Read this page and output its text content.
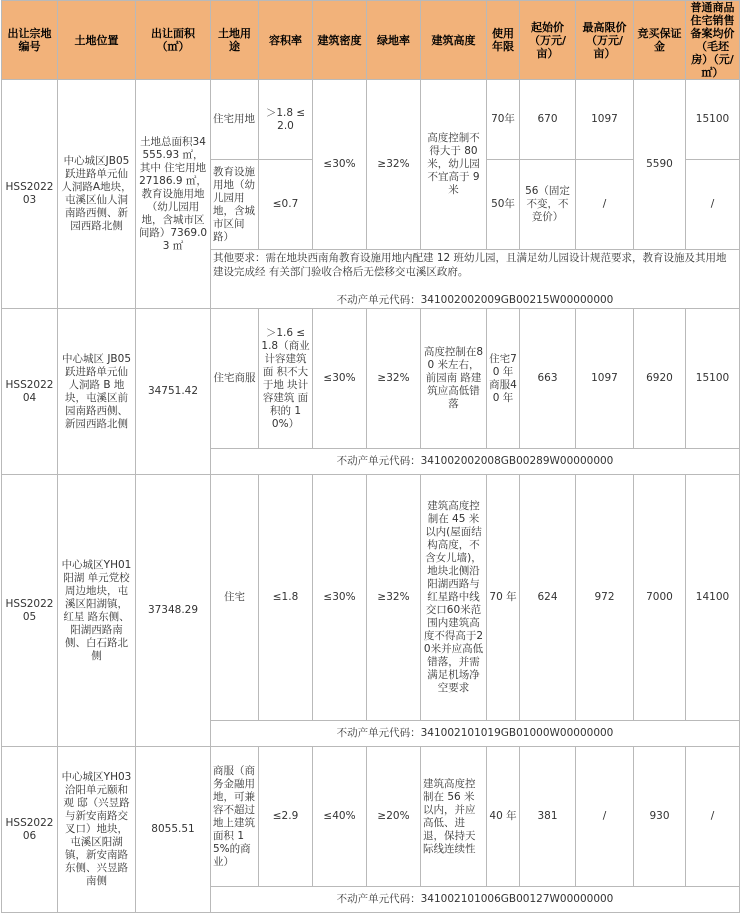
出让宗地编号	土地位置	出让面积（㎡）	土地用途	容积率	建筑密度	绿地率	建筑高度	使用年限	起始价（万元/亩）	最高限价（万元/亩）	竞买保证金	普通商品住宅销售备案均价（毛坯房）（元/㎡）
HSS202203	中心城区JB05跃进路单元仙人洞路A地块，屯溪区仙人洞南路西侧、新园西路北侧	土地总面积34555.93 ㎡，其中 住宅用地27186.9 ㎡，教育设施用地（幼儿园用地，含城市区间路）7369.03 ㎡	住宅用地	＞1.8 ≤2.0	≤30%	≥32%	高度控制不得大于 80 米，幼儿园不宜高于 9 米	70年	670	1097	5590	15100
			教育设施用地（幼儿园用地，含城市区间路）	≤0.7				50年	56（固定不变，不竞价）	/		/
			其他要求：需在地块西南角教育设施用地内配建 12 班幼儿园，且满足幼儿园设计规范要求，教育设施及其用地建设完成经 有关部门验收合格后无偿移交屯溪区政府。

不动产单元代码：341002002009GB00215W00000000									

HSS202204	中心城区 JB05跃进路单元仙人洞路 B 地块，屯溪区前园南路西侧、新园西路北侧	34751.42	住宅商服	＞1.6 ≤ 1.8（商业计容建筑面 积不大于地 块计容建筑 面积的 10%）	≤30%	≥32%	高度控制在80 米左右，前园南 路建筑应高低错落	住宅70 年商服40 年	663	1097	6920	15100
			不动产单元代码：341002002008GB00289W00000000									
HSS202205	中心城区YH01 阳湖 单元党校周边地块，屯溪区阳湖镇，红星 路东侧、阳湖西路南 侧、白石路北侧	37348.29	住宅	≤1.8	≤30%	≥32%	建筑高度控制在 45 米以内(屋面结构高度，不含女儿墙)，地块北侧沿阳湖西路与红星路中线交口60米范围内建筑高度不得高于20米并应高低错落，并需满足机场净空要求	70 年	624	972	7000	14100
			不动产单元代码：341002101019GB01000W00000000									
HSS202206	中心城区YH03 洽阳单元颐和观 邸（兴昱路与新安南路交叉口）地块，屯溪区阳湖镇，新安南路 东侧、兴昱路南侧	8055.51	商服（商务金融用地，可兼容不超过地上建筑面积 15%的商业）	≤2.9	≤40%	≥20%	建筑高度控制在 56 米以内，并应高低、进退，保持天际线连续性	40 年	381	/	930	/
			不动产单元代码：341002101006GB00127W00000000									
